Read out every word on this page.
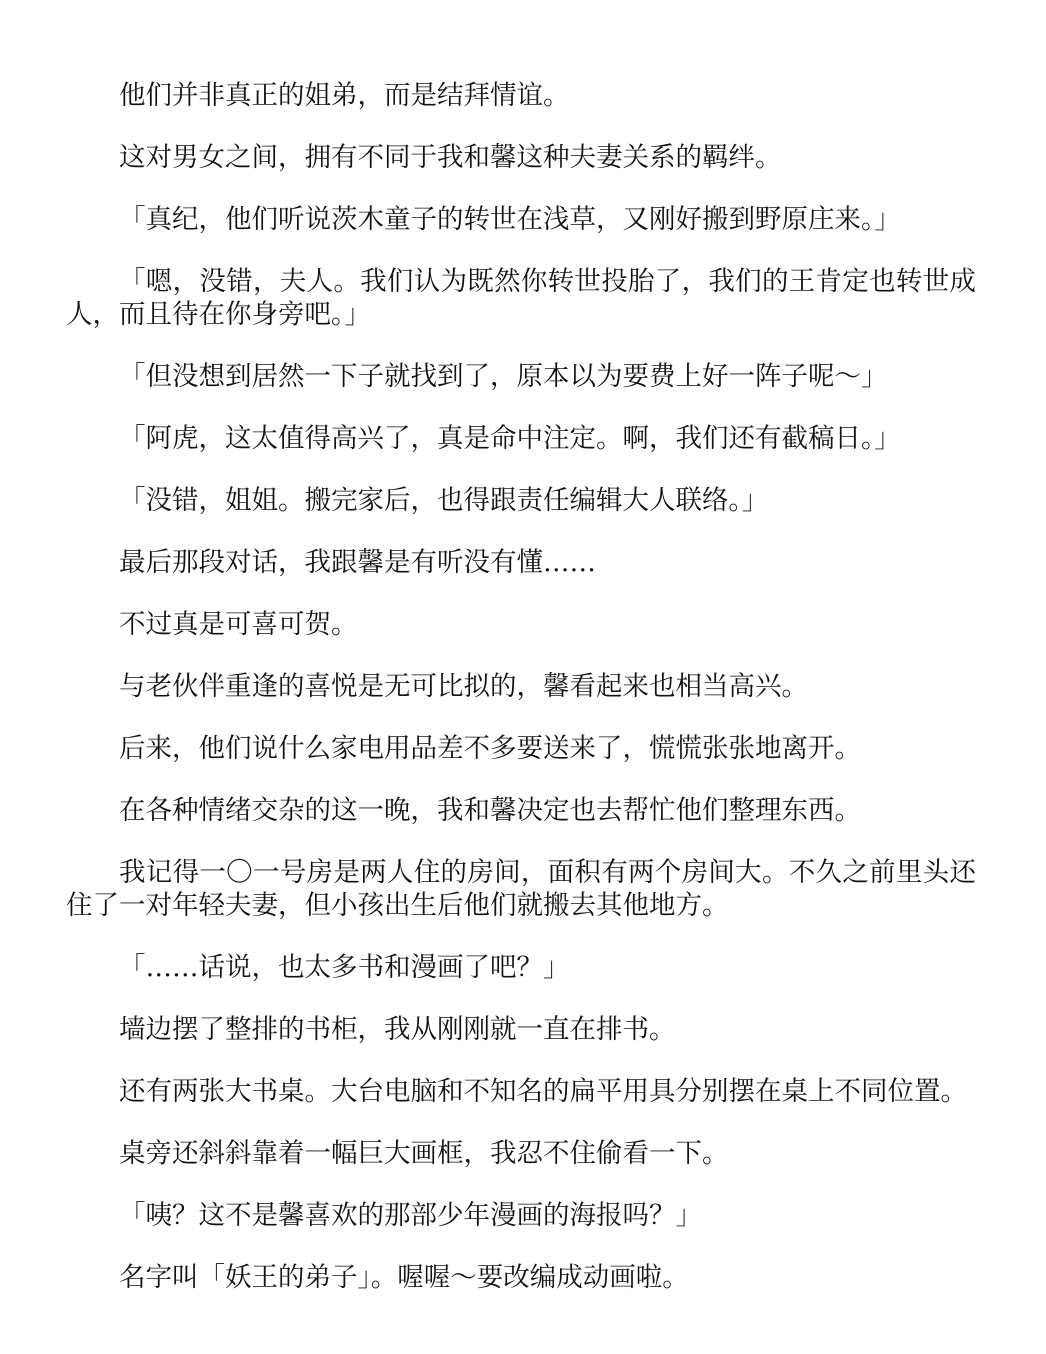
他们并非真正的姐弟，而是结拜情谊。

这对男女之间，拥有不同于我和馨这种夫妻关系的羁绊。

「真纪，他们听说茨木童子的转世在浅草，又刚好搬到野原庄来。」

「嗯，没错，夫人。我们认为既然你转世投胎了，我们的王肯定也转世成人，而且待在你身旁吧。」

「但没想到居然一下子就找到了，原本以为要费上好一阵子呢～」

「阿虎，这太值得高兴了，真是命中注定。啊，我们还有截稿日。」

「没错，姐姐。搬完家后，也得跟责任编辑大人联络。」

最后那段对话，我跟馨是有听没有懂……

不过真是可喜可贺。

与老伙伴重逢的喜悦是无可比拟的，馨看起来也相当高兴。

后来，他们说什么家电用品差不多要送来了，慌慌张张地离开。

在各种情绪交杂的这一晚，我和馨决定也去帮忙他们整理东西。

我记得一〇一号房是两人住的房间，面积有两个房间大。不久之前里头还住了一对年轻夫妻，但小孩出生后他们就搬去其他地方。

「……话说，也太多书和漫画了吧？」

墙边摆了整排的书柜，我从刚刚就一直在排书。

还有两张大书桌。大台电脑和不知名的扁平用具分别摆在桌上不同位置。

桌旁还斜斜靠着一幅巨大画框，我忍不住偷看一下。

「咦？这不是馨喜欢的那部少年漫画的海报吗？」

名字叫「妖王的弟子」。喔喔～要改编成动画啦。
